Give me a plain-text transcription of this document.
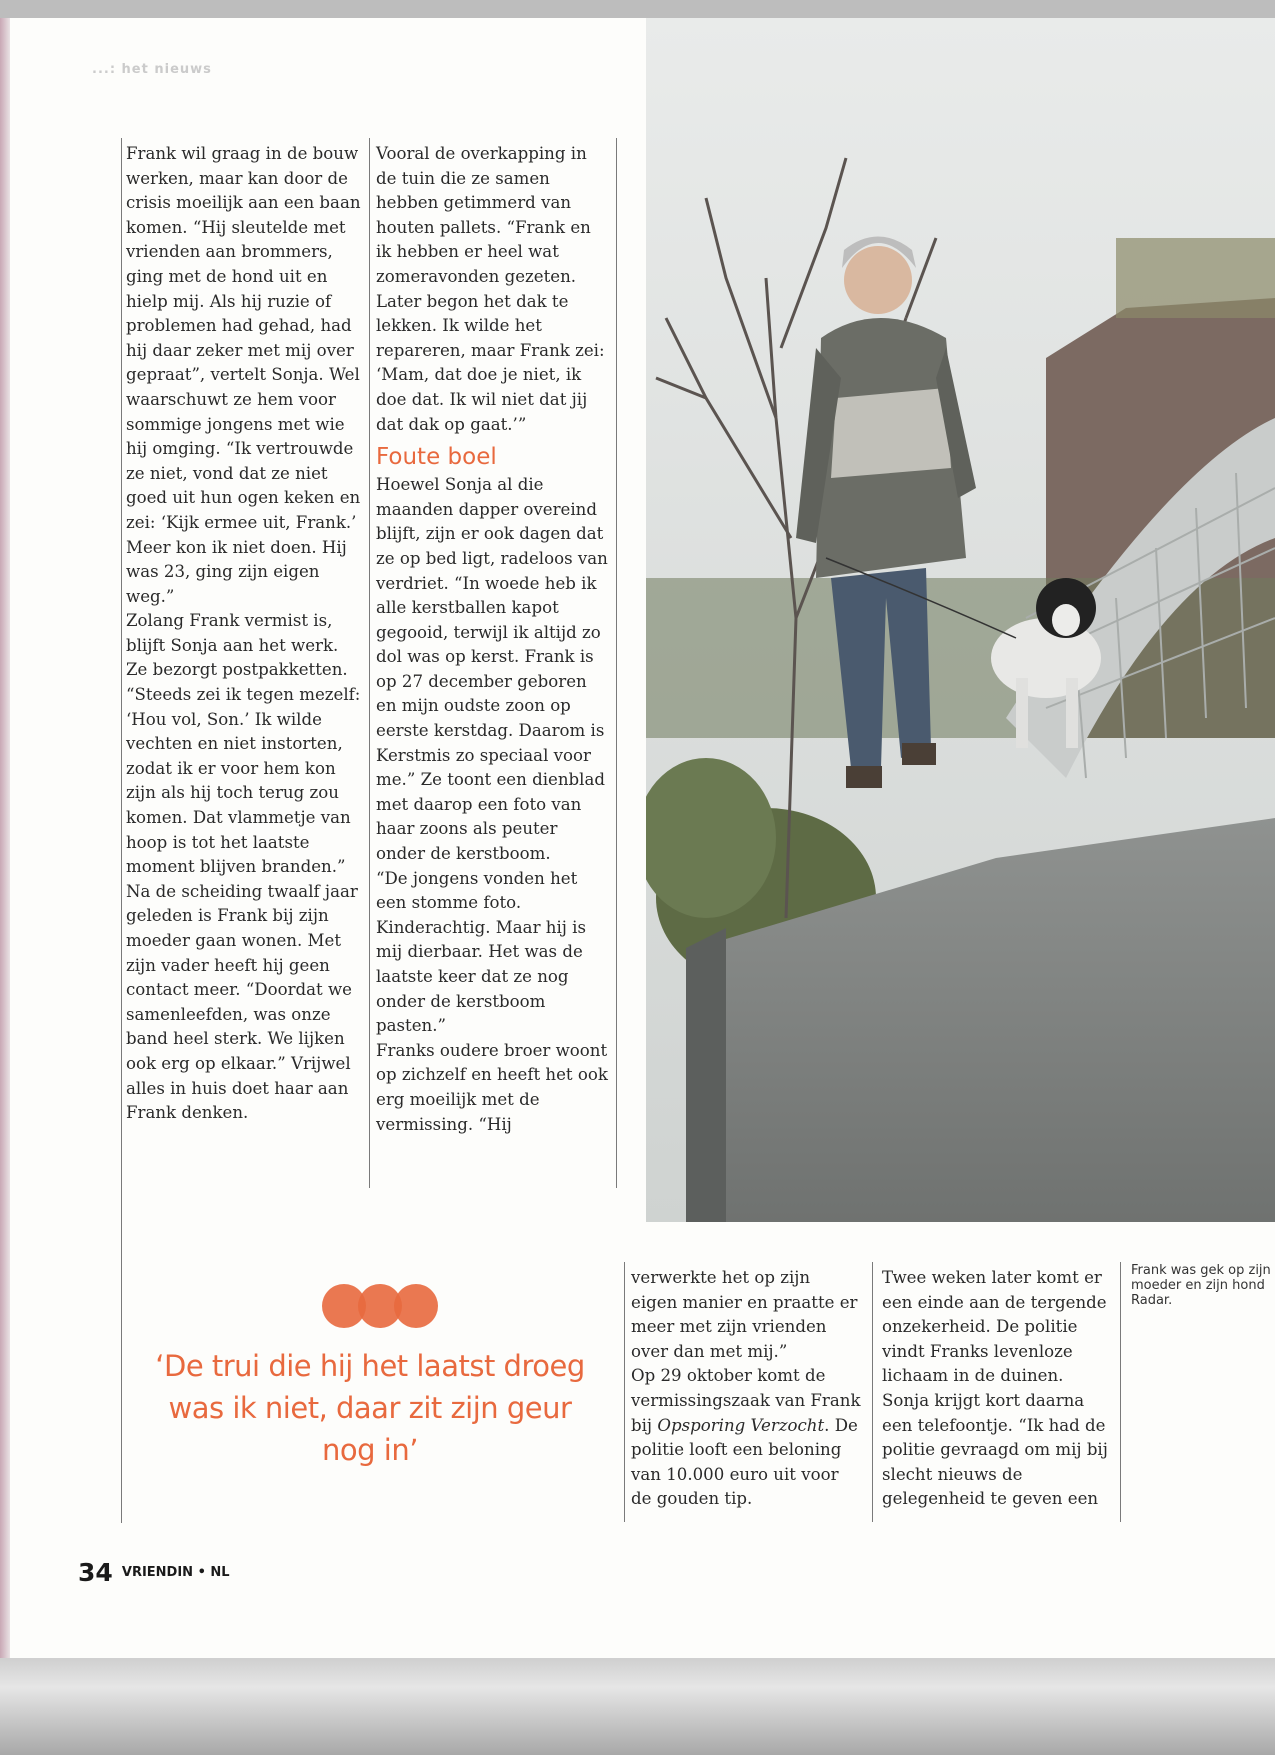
...: het nieuws

Frank wil graag in de bouw werken, maar kan door de crisis moeilijk aan een baan komen. “Hij sleutelde met vrienden aan brommers, ging met de hond uit en hielp mij. Als hij ruzie of problemen had gehad, had hij daar zeker met mij over gepraat”, vertelt Sonja. Wel waarschuwt ze hem voor sommige jongens met wie hij omging. “Ik vertrouwde ze niet, vond dat ze niet goed uit hun ogen keken en zei: ‘Kijk ermee uit, Frank.’ Meer kon ik niet doen. Hij was 23, ging zijn eigen weg.”

Zolang Frank vermist is, blijft Sonja aan het werk. Ze bezorgt postpakketten. “Steeds zei ik tegen mezelf: ‘Hou vol, Son.’ Ik wilde vechten en niet instorten, zodat ik er voor hem kon zijn als hij toch terug zou komen. Dat vlammetje van hoop is tot het laatste moment blijven branden.”

Na de scheiding twaalf jaar geleden is Frank bij zijn moeder gaan wonen. Met zijn vader heeft hij geen contact meer. “Doordat we samenleefden, was onze band heel sterk. We lijken ook erg op elkaar.” Vrijwel alles in huis doet haar aan Frank denken.

Vooral de overkapping in de tuin die ze samen hebben getimmerd van houten pallets. “Frank en ik hebben er heel wat zomeravonden gezeten. Later begon het dak te lekken. Ik wilde het repareren, maar Frank zei: ‘Mam, dat doe je niet, ik doe dat. Ik wil niet dat jij dat dak op gaat.’”

Foute boel

Hoewel Sonja al die maanden dapper overeind blijft, zijn er ook dagen dat ze op bed ligt, radeloos van verdriet. “In woede heb ik alle kerstballen kapot gegooid, terwijl ik altijd zo dol was op kerst. Frank is op 27 december geboren en mijn oudste zoon op eerste kerstdag. Daarom is Kerstmis zo speciaal voor me.” Ze toont een dienblad met daarop een foto van haar zoons als peuter onder de kerstboom.

“De jongens vonden het een stomme foto. Kinderachtig. Maar hij is mij dierbaar. Het was de laatste keer dat ze nog onder de kerstboom pasten.”

Franks oudere broer woont op zichzelf en heeft het ook erg moeilijk met de vermissing. “Hij

verwerkte het op zijn eigen manier en praatte er meer met zijn vrienden over dan met mij.”

Op 29 oktober komt de vermissingszaak van Frank bij Opsporing Verzocht. De politie looft een beloning van 10.000 euro uit voor de gouden tip.

Twee weken later komt er een einde aan de tergende onzekerheid. De politie vindt Franks levenloze lichaam in de duinen. Sonja krijgt kort daarna een telefoontje. “Ik had de politie gevraagd om mij bij slecht nieuws de gelegenheid te geven een

Frank was gek op zijn moeder en zijn hond Radar.
‘De trui die hij het laatst droeg was ik niet, daar zit zijn geur nog in’
34 VRIENDIN • NL
